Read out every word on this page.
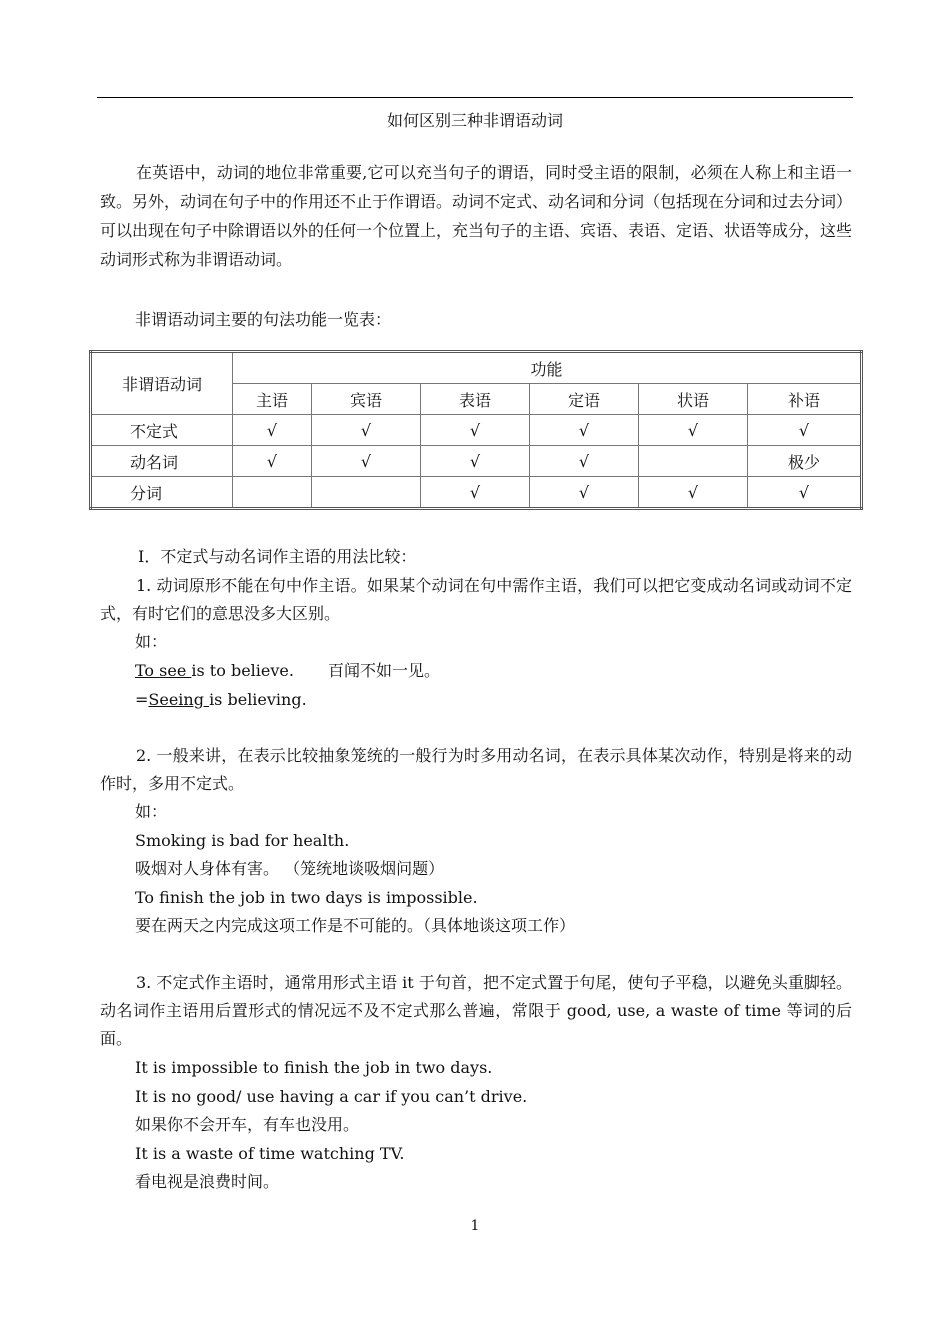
如何区别三种非谓语动词
在英语中，动词的地位非常重要,它可以充当句子的谓语，同时受主语的限制，必须在人称上和主语一致。另外，动词在句子中的作用还不止于作谓语。动词不定式、动名词和分词（包括现在分词和过去分词）可以出现在句子中除谓语以外的任何一个位置上，充当句子的主语、宾语、表语、定语、状语等成分，这些动词形式称为非谓语动词。
非谓语动词主要的句法功能一览表：
非谓语动词	功能					
	主语	宾语	表语	定语	状语	补语
不定式	√	√	√	√	√	√
动名词	√	√	√	√		极少
分词			√	√	√	√
Ⅰ．不定式与动名词作主语的用法比较：
1. 动词原形不能在句中作主语。如果某个动词在句中需作主语，我们可以把它变成动名词或动词不定式，有时它们的意思没多大区别。
如：
To see is to believe. 百闻不如一见。
=Seeing is believing.
2. 一般来讲，在表示比较抽象笼统的一般行为时多用动名词，在表示具体某次动作，特别是将来的动作时，多用不定式。
如：
Smoking is bad for health.
吸烟对人身体有害。 （笼统地谈吸烟问题）
To finish the job in two days is impossible.
要在两天之内完成这项工作是不可能的。（具体地谈这项工作）
3. 不定式作主语时，通常用形式主语 it 于句首，把不定式置于句尾，使句子平稳，以避免头重脚轻。动名词作主语用后置形式的情况远不及不定式那么普遍，常限于 good, use, a waste of time 等词的后面。
It is impossible to finish the job in two days.
It is no good/ use having a car if you can’t drive.
如果你不会开车，有车也没用。
It is a waste of time watching TV.
看电视是浪费时间。
1
